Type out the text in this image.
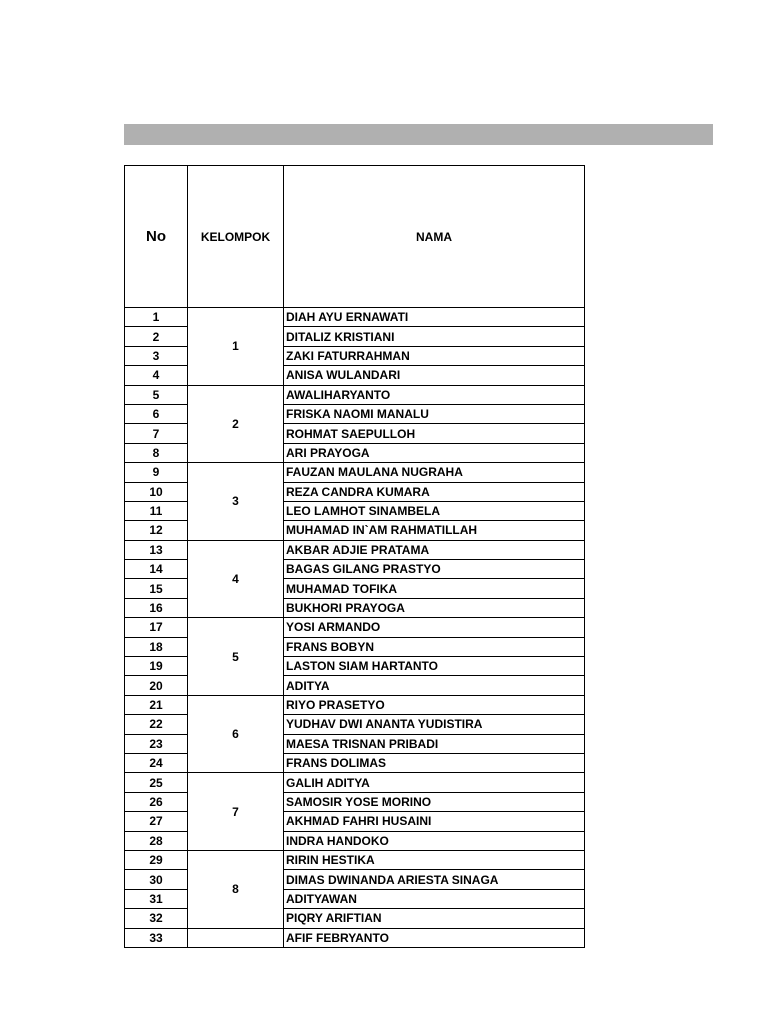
No	KELOMPOK	NAMA
1	1	DIAH AYU ERNAWATI
2		DITALIZ KRISTIANI
3		ZAKI FATURRAHMAN
4		ANISA WULANDARI
5	2	AWALIHARYANTO
6		FRISKA NAOMI MANALU
7		ROHMAT SAEPULLOH
8		ARI PRAYOGA
9	3	FAUZAN MAULANA NUGRAHA
10		REZA CANDRA KUMARA
11		LEO LAMHOT SINAMBELA
12		MUHAMAD IN`AM RAHMATILLAH
13	4	AKBAR ADJIE PRATAMA
14		BAGAS GILANG PRASTYO
15		MUHAMAD TOFIKA
16		BUKHORI PRAYOGA
17	5	YOSI ARMANDO
18		FRANS BOBYN
19		LASTON SIAM HARTANTO
20		ADITYA
21	6	RIYO PRASETYO
22		YUDHAV DWI ANANTA YUDISTIRA
23		MAESA TRISNAN PRIBADI
24		FRANS DOLIMAS
25	7	GALIH ADITYA
26		SAMOSIR YOSE MORINO
27		AKHMAD FAHRI HUSAINI
28		INDRA HANDOKO
29	8	RIRIN HESTIKA
30		DIMAS DWINANDA ARIESTA SINAGA
31		ADITYAWAN
32		PIQRY ARIFTIAN
33		AFIF FEBRYANTO
